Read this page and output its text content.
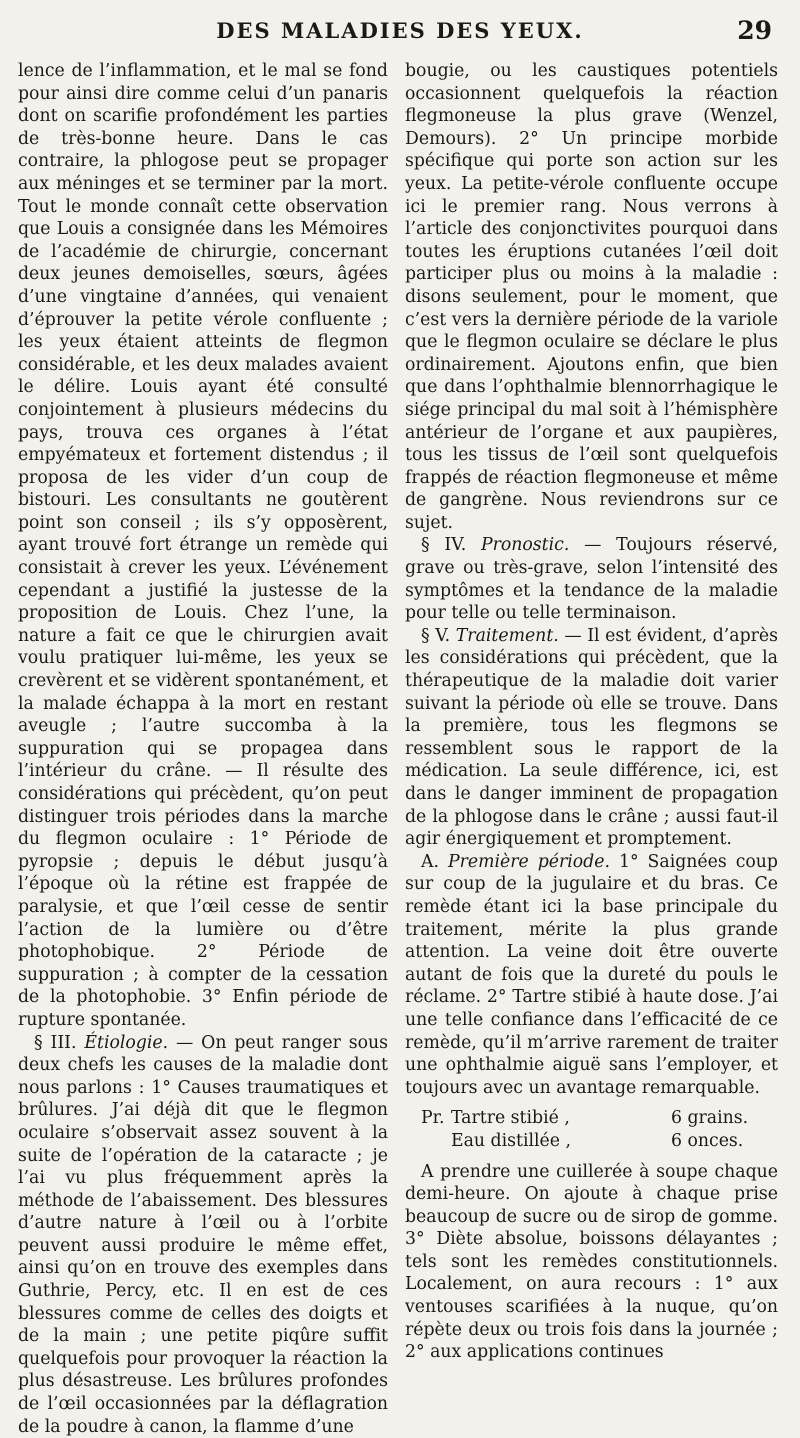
DES MALADIES DES YEUX.	29

lence de l’inflammation, et le mal se fond pour ainsi dire comme celui d’un panaris dont on scarifie profondément les parties de très-bonne heure. Dans le cas contraire, la phlogose peut se propager aux méninges et se terminer par la mort. Tout le monde connaît cette observation que Louis a consignée dans les Mémoires de l’académie de chirurgie, concernant deux jeunes demoiselles, sœurs, âgées d’une vingtaine d’années, qui venaient d’éprouver la petite vérole confluente ; les yeux étaient atteints de flegmon considérable, et les deux malades avaient le délire. Louis ayant été consulté conjointement à plusieurs médecins du pays, trouva ces organes à l’état empyémateux et fortement distendus ; il proposa de les vider d’un coup de bistouri. Les consultants ne goutèrent point son conseil ; ils s’y opposèrent, ayant trouvé fort étrange un remède qui consistait à crever les yeux. L’événement cependant a justifié la justesse de la proposition de Louis. Chez l’une, la nature a fait ce que le chirurgien avait voulu pratiquer lui-même, les yeux se crevèrent et se vidèrent spontanément, et la malade échappa à la mort en restant aveugle ; l’autre succomba à la suppuration qui se propagea dans l’intérieur du crâne. — Il résulte des considérations qui précèdent, qu’on peut distinguer trois périodes dans la marche du flegmon oculaire : 1° Période de pyropsie ; depuis le début jusqu’à l’époque où la rétine est frappée de paralysie, et que l’œil cesse de sentir l’action de la lumière ou d’être photophobique. 2° Période de suppuration ; à compter de la cessation de la photophobie. 3° Enfin période de rupture spontanée.

§ III. Étiologie. — On peut ranger sous deux chefs les causes de la maladie dont nous parlons : 1° Causes traumatiques et brûlures. J’ai déjà dit que le flegmon oculaire s’observait assez souvent à la suite de l’opération de la cataracte ; je l’ai vu plus fréquemment après la méthode de l’abaissement. Des blessures d’autre nature à l’œil ou à l’orbite peuvent aussi produire le même effet, ainsi qu’on en trouve des exemples dans Guthrie, Percy, etc. Il en est de ces blessures comme de celles des doigts et de la main ; une petite piqûre suffit quelquefois pour provoquer la réaction la plus désastreuse. Les brûlures profondes de l’œil occasionnées par la déflagration de la poudre à canon, la flamme d’une

bougie, ou les caustiques potentiels occasionnent quelquefois la réaction flegmoneuse la plus grave (Wenzel, Demours). 2° Un principe morbide spécifique qui porte son action sur les yeux. La petite-vérole confluente occupe ici le premier rang. Nous verrons à l’article des conjonctivites pourquoi dans toutes les éruptions cutanées l’œil doit participer plus ou moins à la maladie : disons seulement, pour le moment, que c’est vers la dernière période de la variole que le flegmon oculaire se déclare le plus ordinairement. Ajoutons enfin, que bien que dans l’ophthalmie blennorrhagique le siége principal du mal soit à l’hémisphère antérieur de l’organe et aux paupières, tous les tissus de l’œil sont quelquefois frappés de réaction flegmoneuse et même de gangrène. Nous reviendrons sur ce sujet.

§ IV. Pronostic. — Toujours réservé, grave ou très-grave, selon l’intensité des symptômes et la tendance de la maladie pour telle ou telle terminaison.

§ V. Traitement. — Il est évident, d’après les considérations qui précèdent, que la thérapeutique de la maladie doit varier suivant la période où elle se trouve. Dans la première, tous les flegmons se ressemblent sous le rapport de la médication. La seule différence, ici, est dans le danger imminent de propagation de la phlogose dans le crâne ; aussi faut-il agir énergiquement et promptement.

A. Première période. 1° Saignées coup sur coup de la jugulaire et du bras. Ce remède étant ici la base principale du traitement, mérite la plus grande attention. La veine doit être ouverte autant de fois que la dureté du pouls le réclame. 2° Tartre stibié à haute dose. J’ai une telle confiance dans l’efficacité de ce remède, qu’il m’arrive rarement de traiter une ophthalmie aiguë sans l’employer, et toujours avec un avantage remarquable.

Pr. Tartre stibié ,	6 grains.
Eau distillée ,	6 onces.

A prendre une cuillerée à soupe chaque demi-heure. On ajoute à chaque prise beaucoup de sucre ou de sirop de gomme. 3° Diète absolue, boissons délayantes ; tels sont les remèdes constitutionnels. Localement, on aura recours : 1° aux ventouses scarifiées à la nuque, qu’on répète deux ou trois fois dans la journée ; 2° aux applications continues
